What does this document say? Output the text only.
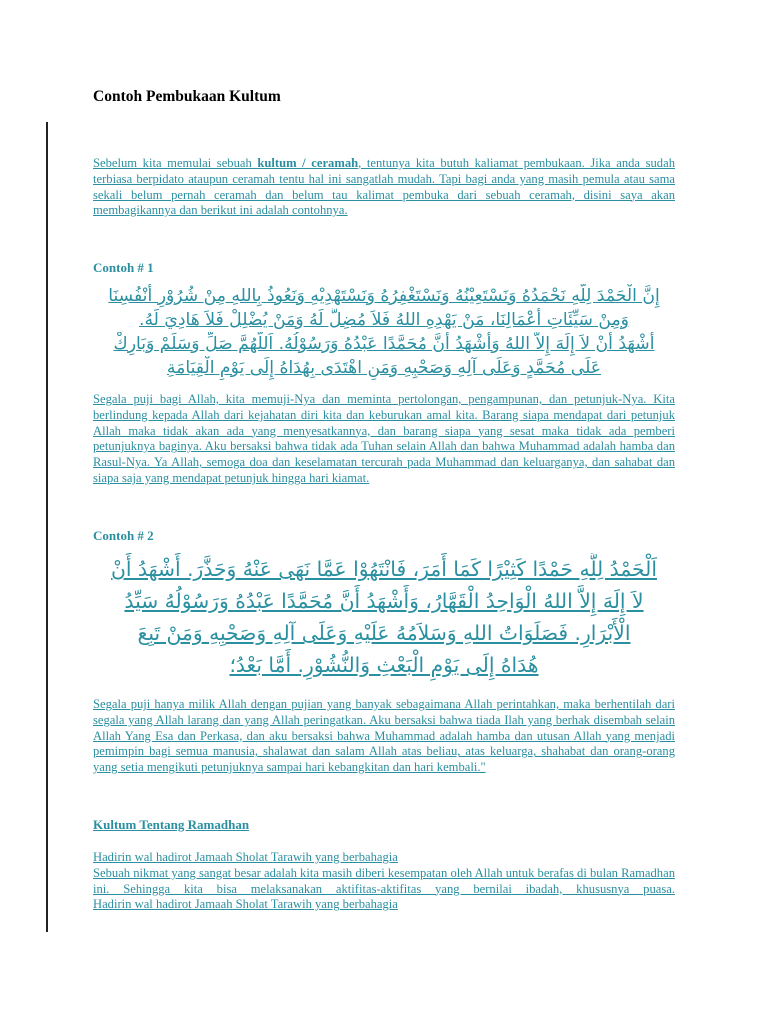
Contoh Pembukaan Kultum
Sebelum kita memulai sebuah kultum / ceramah, tentunya kita butuh kaliamat pembukaan. Jika anda sudah terbiasa berpidato ataupun ceramah tentu hal ini sangatlah mudah. Tapi bagi anda yang masih pemula atau sama sekali belum pernah ceramah dan belum tau kalimat pembuka dari sebuah ceramah, disini saya akan membagikannya dan berikut ini adalah contohnya.
Contoh # 1
إِنَّ الْحَمْدَ لِلَّهِ نَحْمَدُهُ وَنَسْتَعِيْنُهُ وَنَسْتَغْفِرُهُ وَنَسْتَهْدِيْهِ وَنَعُوذُ بِاللهِ مِنْ شُرُوْرِ أَنْفُسِنَا
وَمِنْ سَيِّئَاتِ أَعْمَالِنَا، مَنْ يَهْدِهِ اللهُ فَلاَ مُضِلَّ لَهُ وَمَنْ يُضْلِلْ فَلاَ هَادِيَ لَهُ.
أَشْهَدُ أَنْ لاَ إِلَهَ إِلاَّ اللهُ وَأَشْهَدُ أَنَّ مُحَمَّدًا عَبْدُهُ وَرَسُوْلُهُ. اَللَّهُمَّ صَلِّ وَسَلِّمْ وَبَارِكْ
عَلَى مُحَمَّدٍ وَعَلَى آلِهِ وَصَحْبِهِ وَمَنِ اهْتَدَى بِهُدَاهُ إِلَى يَوْمِ الْقِيَامَةِ
Segala puji bagi Allah, kita memuji-Nya dan meminta pertolongan, pengampunan, dan petunjuk-Nya. Kita berlindung kepada Allah dari kejahatan diri kita dan keburukan amal kita. Barang siapa mendapat dari petunjuk Allah maka tidak akan ada yang menyesatkannya, dan barang siapa yang sesat maka tidak ada pemberi petunjuknya baginya. Aku bersaksi bahwa tidak ada Tuhan selain Allah dan bahwa Muhammad adalah hamba dan Rasul-Nya. Ya Allah, semoga doa dan keselamatan tercurah pada Muhammad dan keluarganya, dan sahabat dan siapa saja yang mendapat petunjuk hingga hari kiamat.
Contoh # 2
اَلْحَمْدُ لِلَّهِ حَمْدًا كَثِيْرًا كَمَا أَمَرَ، فَانْتَهُوْا عَمَّا نَهَى عَنْهُ وَحَذَّرَ. أَشْهَدُ أَنْ
لاَ إِلَهَ إِلاَّ اللهُ الْوَاحِدُ الْقَهَّارُ، وَأَشْهَدُ أَنَّ مُحَمَّدًا عَبْدُهُ وَرَسُوْلُهُ سَيِّدُ
الْأَبْرَارِ. فَصَلَوَاتُ اللهِ وَسَلاَمُهُ عَلَيْهِ وَعَلَى آلِهِ وَصَحْبِهِ وَمَنْ تَبِعَ
هُدَاهُ إِلَى يَوْمِ الْبَعْثِ وَالنُّشُوْرِ. أَمَّا بَعْدُ؛
Segala puji hanya milik Allah dengan pujian yang banyak sebagaimana Allah perintahkan, maka berhentilah dari segala yang Allah larang dan yang Allah peringatkan. Aku bersaksi bahwa tiada Ilah yang berhak disembah selain Allah Yang Esa dan Perkasa, dan aku bersaksi bahwa Muhammad adalah hamba dan utusan Allah yang menjadi pemimpin bagi semua manusia, shalawat dan salam Allah atas beliau, atas keluarga, shahabat dan orang-orang yang setia mengikuti petunjuknya sampai hari kebangkitan dan hari kembali."
Kultum Tentang Ramadhan
Hadirin wal hadirot Jamaah Sholat Tarawih yang berbahagia
Sebuah nikmat yang sangat besar adalah kita masih diberi kesempatan oleh Allah untuk berafas di bulan Ramadhan ini. Sehingga kita bisa melaksanakan aktifitas-aktifitas yang bernilai ibadah, khususnya puasa.
Hadirin wal hadirot Jamaah Sholat Tarawih yang berbahagia
